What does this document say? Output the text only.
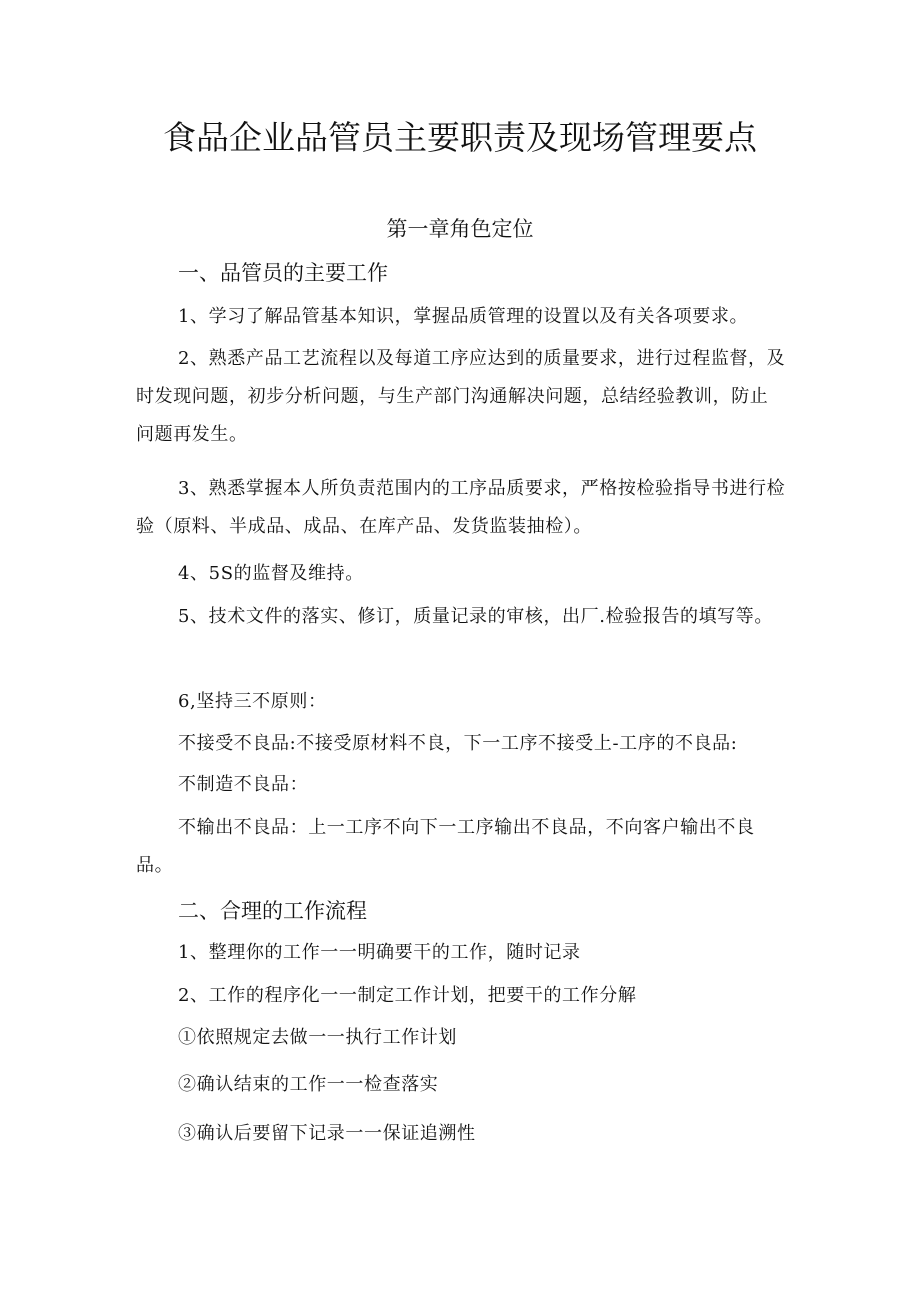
食品企业品管员主要职责及现场管理要点
第一章角色定位
一、品管员的主要工作

1、学习了解品管基本知识，掌握品质管理的设置以及有关各项要求。

2、熟悉产品工艺流程以及每道工序应达到的质量要求，进行过程监督，及时发现问题，初步分析问题，与生产部门沟通解决问题，总结经验教训，防止问题再发生。

3、熟悉掌握本人所负责范围内的工序品质要求，严格按检验指导书进行检验（原料、半成品、成品、在库产品、发货监装抽检）。

4、5S的监督及维持。

5、技术文件的落实、修订，质量记录的审核，出厂.检验报告的填写等。

6,坚持三不原则：

不接受不良品:不接受原材料不良，下一工序不接受上-工序的不良品:

不制造不良品：

不输出不良品：上一工序不向下一工序输出不良品，不向客户输出不良品。

二、合理的工作流程

1、整理你的工作一一明确要干的工作，随时记录

2、工作的程序化一一制定工作计划，把要干的工作分解

①依照规定去做一一执行工作计划

②确认结束的工作一一检查落实

③确认后要留下记录一一保证追溯性
